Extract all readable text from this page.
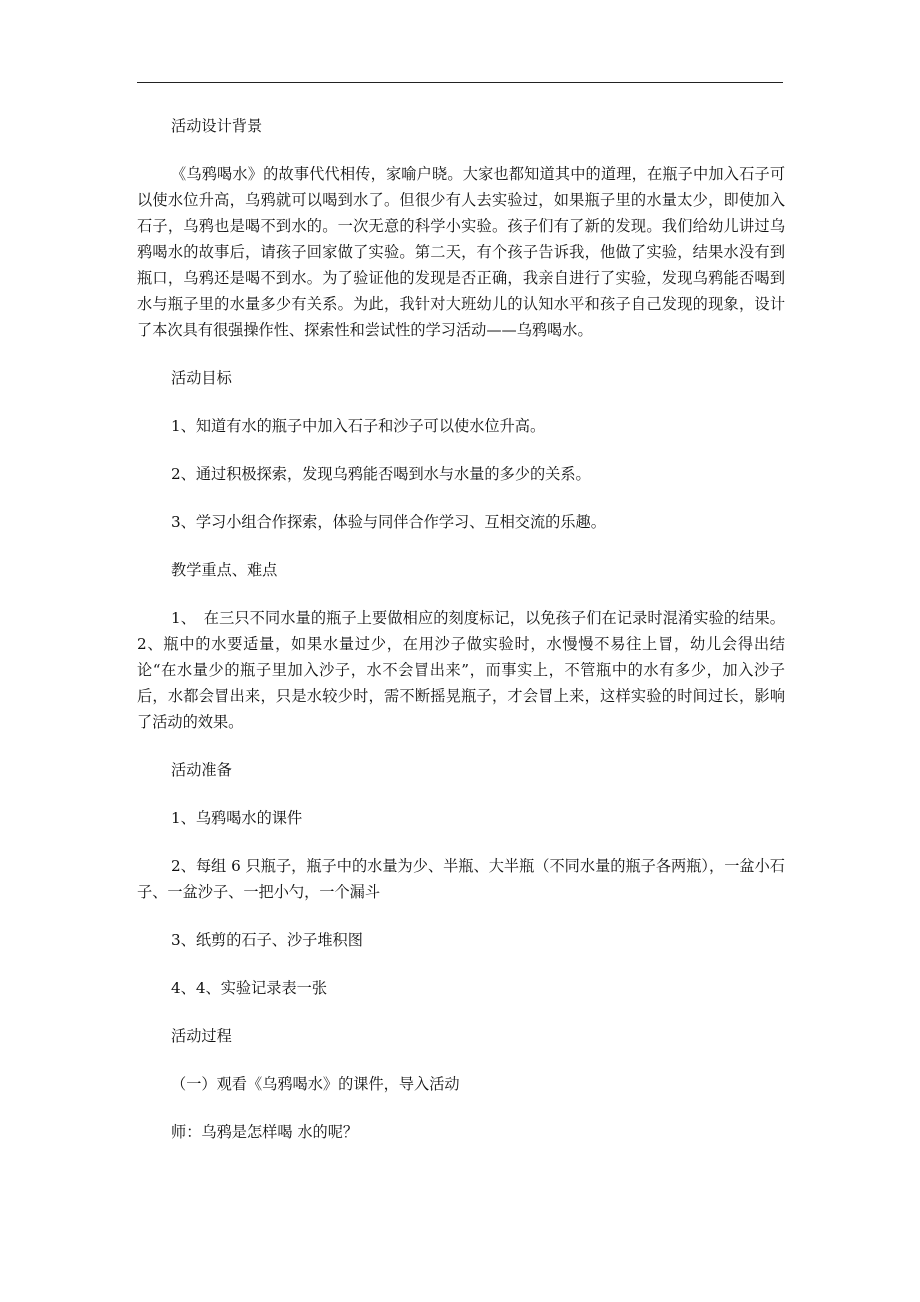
活动设计背景

《乌鸦喝水》的故事代代相传，家喻户晓。大家也都知道其中的道理，在瓶子中加入石子可以使水位升高，乌鸦就可以喝到水了。但很少有人去实验过，如果瓶子里的水量太少，即使加入石子，乌鸦也是喝不到水的。一次无意的科学小实验。孩子们有了新的发现。我们给幼儿讲过乌鸦喝水的故事后，请孩子回家做了实验。第二天，有个孩子告诉我，他做了实验，结果水没有到瓶口，乌鸦还是喝不到水。为了验证他的发现是否正确，我亲自进行了实验，发现乌鸦能否喝到水与瓶子里的水量多少有关系。为此，我针对大班幼儿的认知水平和孩子自己发现的现象，设计了本次具有很强操作性、探索性和尝试性的学习活动——乌鸦喝水。

活动目标

1、知道有水的瓶子中加入石子和沙子可以使水位升高。

2、通过积极探索，发现乌鸦能否喝到水与水量的多少的关系。

3、学习小组合作探索，体验与同伴合作学习、互相交流的乐趣。

教学重点、难点

1、　在三只不同水量的瓶子上要做相应的刻度标记，以免孩子们在记录时混淆实验的结果。 2、瓶中的水要适量，如果水量过少，在用沙子做实验时，水慢慢不易往上冒，幼儿会得出结论“在水量少的瓶子里加入沙子，水不会冒出来”，而事实上，不管瓶中的水有多少，加入沙子后，水都会冒出来，只是水较少时，需不断摇晃瓶子，才会冒上来，这样实验的时间过长，影响了活动的效果。

活动准备

1、乌鸦喝水的课件

2、每组 6 只瓶子，瓶子中的水量为少、半瓶、大半瓶（不同水量的瓶子各两瓶），一盆小石子、一盆沙子、一把小勺，一个漏斗

3、纸剪的石子、沙子堆积图

4、4、实验记录表一张

活动过程

（一）观看《乌鸦喝水》的课件，导入活动

师：乌鸦是怎样喝 水的呢？
